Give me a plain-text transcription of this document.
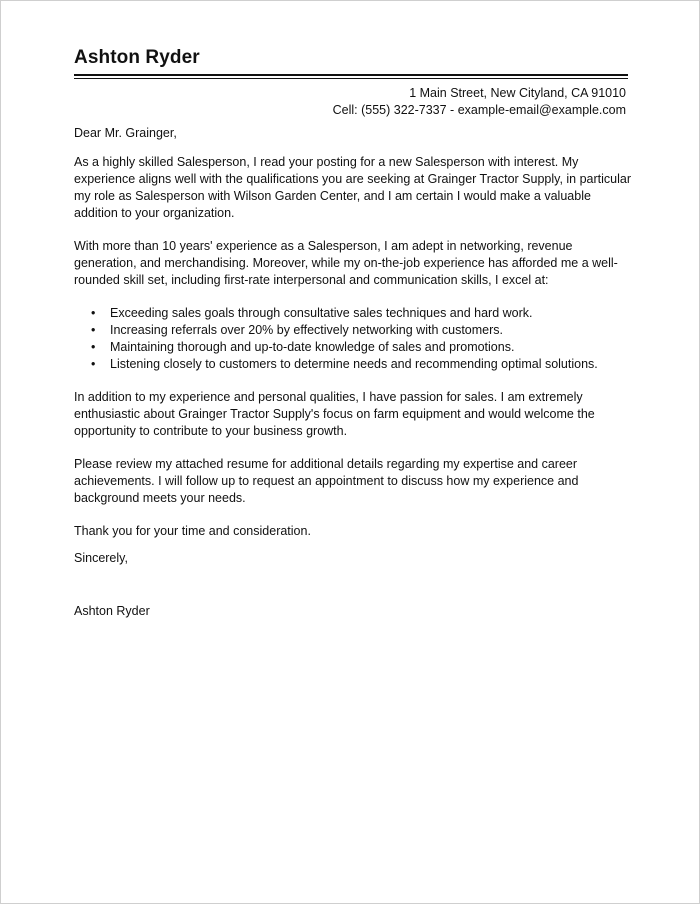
Ashton Ryder
1 Main Street, New Cityland, CA 91010
Cell: (555) 322-7337 - example-email@example.com

Dear Mr. Grainger,

As a highly skilled Salesperson, I read your posting for a new Salesperson with interest. My experience aligns well with the qualifications you are seeking at Grainger Tractor Supply, in particular my role as Salesperson with Wilson Garden Center, and I am certain I would make a valuable addition to your organization.

With more than 10 years' experience as a Salesperson, I am adept in networking, revenue generation, and merchandising. Moreover, while my on-the-job experience has afforded me a well-rounded skill set, including first-rate interpersonal and communication skills, I excel at:

• Exceeding sales goals through consultative sales techniques and hard work.
• Increasing referrals over 20% by effectively networking with customers.
• Maintaining thorough and up-to-date knowledge of sales and promotions.
• Listening closely to customers to determine needs and recommending optimal solutions.

In addition to my experience and personal qualities, I have passion for sales. I am extremely enthusiastic about Grainger Tractor Supply's focus on farm equipment and would welcome the opportunity to contribute to your business growth.

Please review my attached resume for additional details regarding my expertise and career achievements. I will follow up to request an appointment to discuss how my experience and background meets your needs.

Thank you for your time and consideration.

Sincerely,

Ashton Ryder
